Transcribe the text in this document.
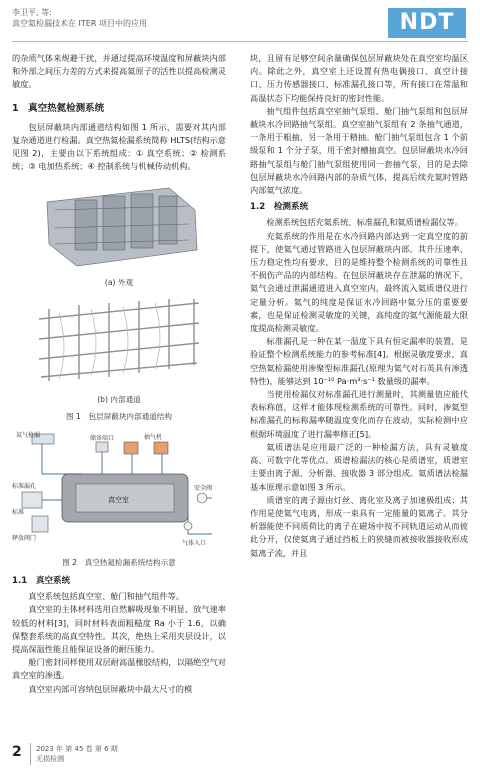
李卫平, 等:
真空氦检漏技术在 ITER 项目中的应用	NDT

的杂质气体来规避干扰，并通过提高环境温度和屏蔽块内部和外部之间压力差的方式来提高氦原子的活性以提高检测灵敏度。

1　真空热氦检测系统

包层屏蔽块内部通道结构如图 1 所示，需要对其内部复杂通道进行检漏。真空热氦检漏系统简称 HLTS(结构示意见图 2)，主要由以下系统组成：① 真空系统；② 检测系统；③ 电加热系统；④ 控制系统与机械传动机构。

(a) 外观
(b) 内部通道
图 1　包层屏蔽块内部通道结构
氦气检漏	储备端口	抽气机
标准漏孔
标准
释放阀门
真空室
安全阀
气体入口
图 2　真空热氦检漏系统结构示意
1.1　真空系统

真空系统包括真空室、舱门和抽气组件等。

真空室的主体材料选用自然解吸现象不明显、放气速率较低的材料[3]，同时材料表面粗糙度 Ra 小于 1.6，以确保整套系统的高真空特性。其次，绝热上采用夹层设计，以提高保温性能且能保证设备的耐压能力。

舱门密封同样使用双层耐高温橡胶结构，以隔绝空气对真空室的渗透。

真空室内部可容纳包层屏蔽块中最大尺寸的模

块，且留有足够空间余量确保包层屏蔽块处在真空室均温区内。除此之外，真空室上还设置有热电偶接口、真空计接口、压力传感器接口、标准漏孔接口等，所有接口在常温和高温状态下均能保持良好的密封性能。

抽气组件包括真空室抽气泵组、舱门抽气泵组和包层屏蔽块水冷回路抽气泵组。真空室抽气泵组有 2 条抽气通道，一条用于粗抽，另一条用于精抽。舱门抽气泵组包含 1 个前级泵和 1 个分子泵，用于密封槽抽真空。包层屏蔽块水冷回路抽气泵组与舱门抽气泵组使用同一套抽气泵，目的是去除包层屏蔽块水冷回路内部的杂质气体，提高后续充氦时管路内部氦气浓度。

1.2　检测系统

检测系统包括充氦系统、标准漏孔和氦质谱检漏仪等。

充氦系统的作用是在水冷回路内部达到一定真空度的前提下，使氦气通过管路进入包层屏蔽块内部。其升压速率、压力稳定性均有要求，目的是维持整个检测系统的可靠性且不损伤产品的内部结构。在包层屏蔽块存在泄漏的情况下，氦气会通过泄漏通道进入真空室内，最终流入氦质谱仪进行定量分析。氦气的纯度是保证水冷回路中氦分压的重要要素，也是保证检测灵敏度的关键，高纯度的氦气源能最大限度提高检测灵敏度。

标准漏孔是一种在某一温度下具有恒定漏率的装置，是验证整个检测系统能力的参考标准[4]。根据灵敏度要求，真空热氦检漏使用渗聚型标准漏孔(原理为氦气对石英具有渗透特性)，能够达到 10⁻¹⁰ Pa·m³·s⁻¹ 数量级的漏率。

当使用检漏仪对标准漏孔进行测量时，其测量值应能代表标称值，这样才能体现检测系统的可靠性。同时，渗氦型标准漏孔的标称漏率随温度变化而存在波动，实际检测中应根据环境温度了进行漏率修正[5]。

氦质谱法是应用最广泛的一种检漏方法，具有灵敏度高、可数字化等优点。质谱检漏法的核心是质谱室，质谱室主要由离子源、分析器、接收器 3 部分组成。氦质谱法检漏基本原理示意如图 3 所示。

质谱室的离子源由灯丝、离化室及离子加速极组成；其作用是使氦气电离，形成一束具有一定能量的氦离子。其分析器能使不同质荷比的离子在磁场中按不同轨道运动从而彼此分开，仅使氦离子通过挡板上的狭缝而被接收器接收形成氦离子流，并且

2 2023 年 第 45 卷 第 6 期
无损检测
